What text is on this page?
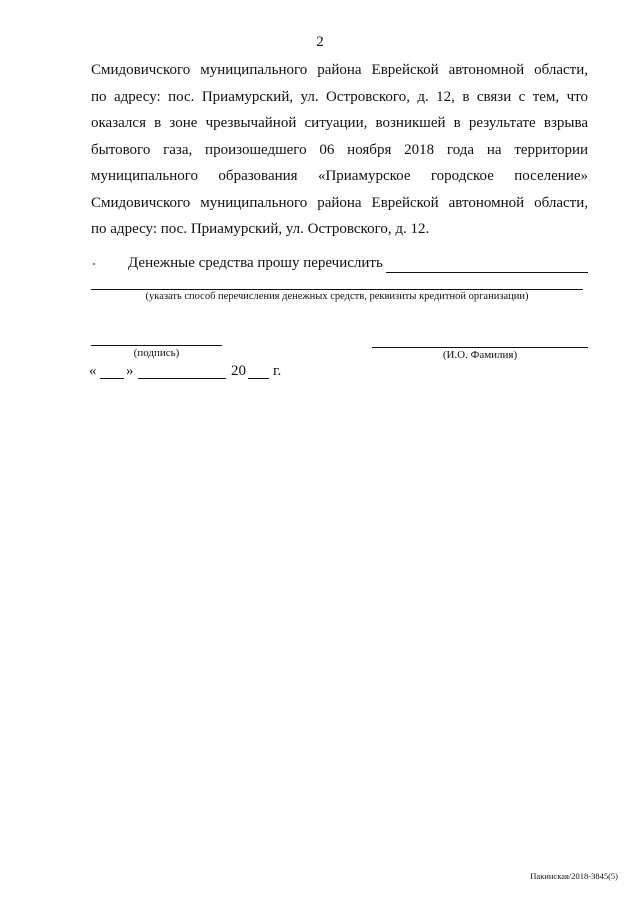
2
Смидовичского муниципального района Еврейской автономной области,
по адресу: пос. Приамурский, ул. Островского, д. 12, в связи с тем, что
оказался в зоне чрезвычайной ситуации, возникшей в результате взрыва
бытового газа, произошедшего 06 ноября 2018 года на территории
муниципального образования «Приамурское городское поселение»
Смидовичского муниципального района Еврейской автономной области,
по адресу: пос. Приамурский, ул. Островского, д. 12.
Денежные средства прошу перечислить
(указать способ перечисления денежных средств, реквизиты кредитной организации)
(подпись)	(И.О. Фамилия)
« »	20 г.
Пакинская/2018-3845(5)
